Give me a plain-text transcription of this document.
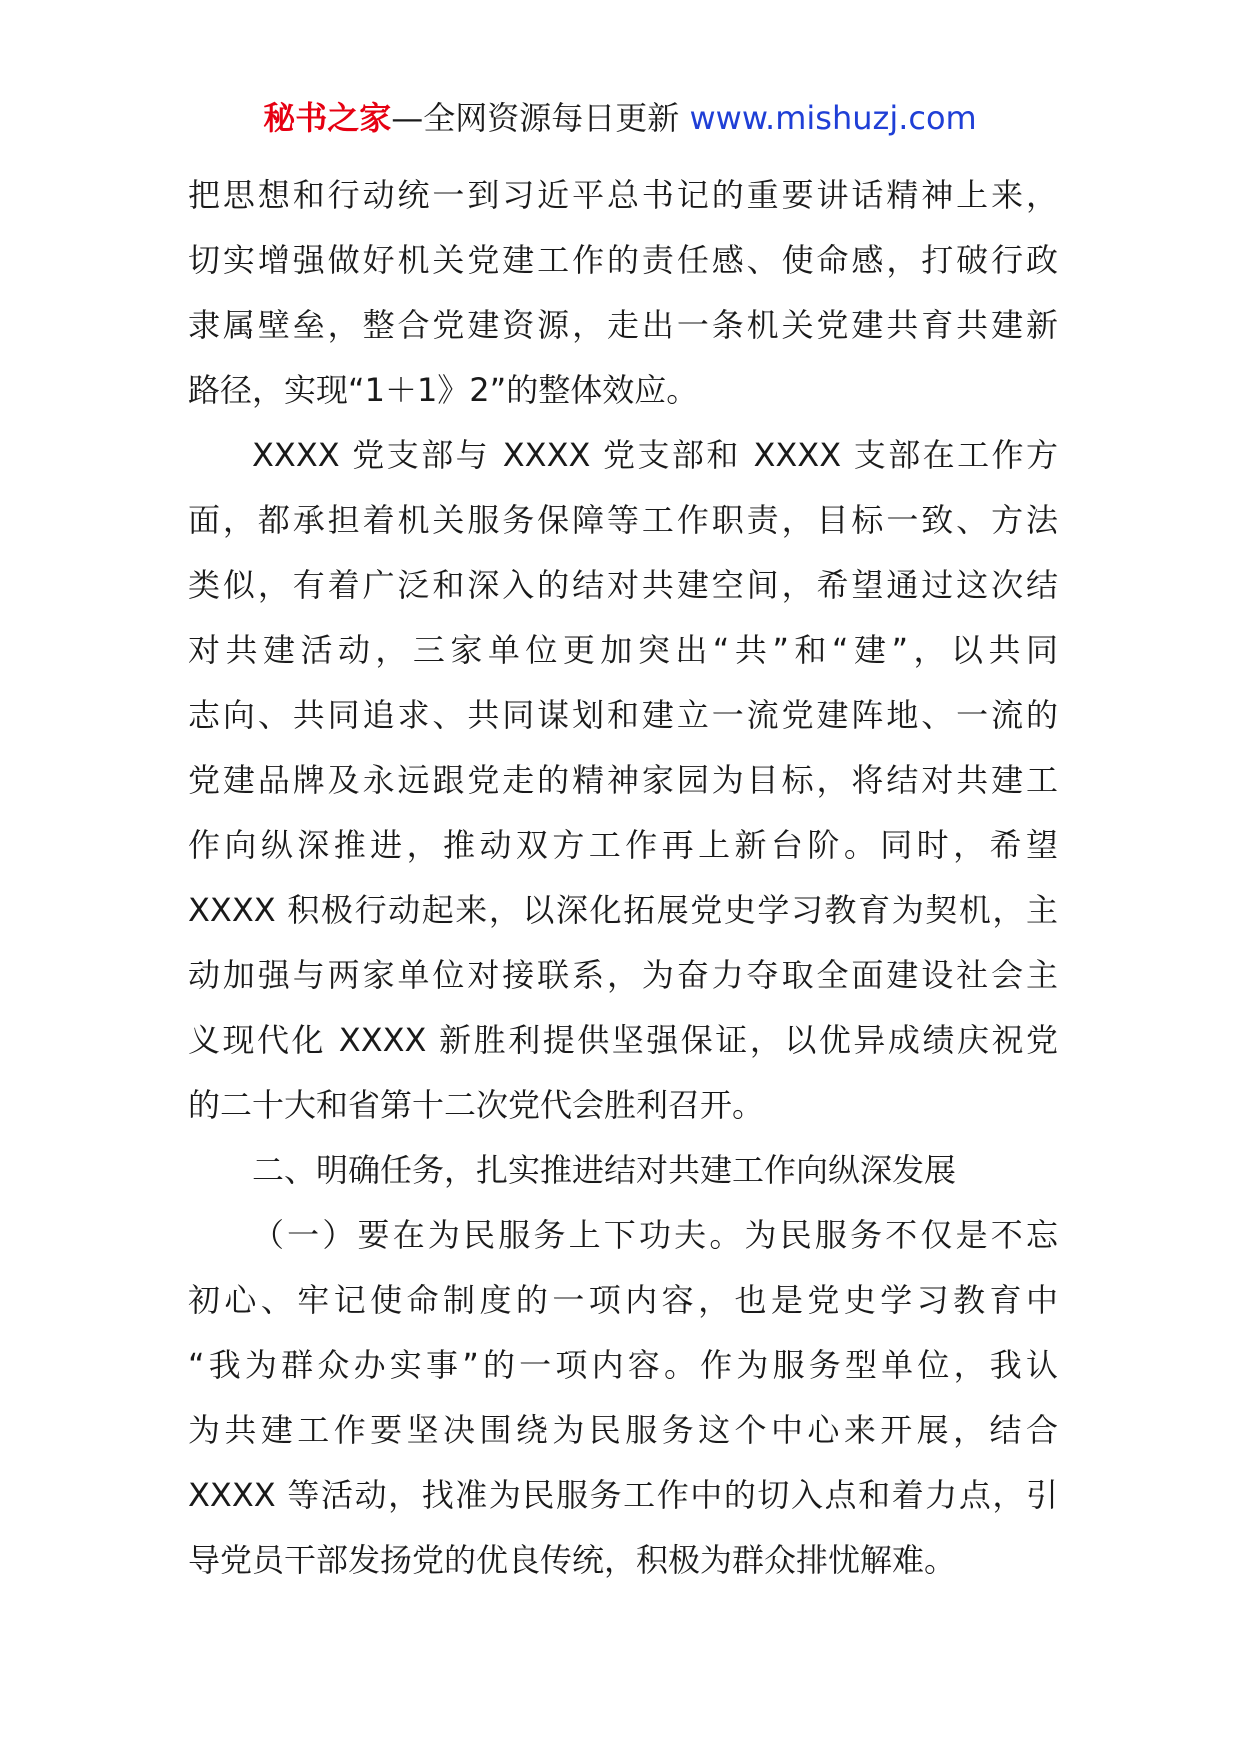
秘书之家—全网资源每日更新 www.mishuzj.com
把思想和行动统一到习近平总书记的重要讲话精神上来，
切实增强做好机关党建工作的责任感、使命感，打破行政
隶属壁垒，整合党建资源，走出一条机关党建共育共建新
路径，实现“1＋1》2”的整体效应。
XXXX 党支部与 XXXX 党支部和 XXXX 支部在工作方
面，都承担着机关服务保障等工作职责，目标一致、方法
类似，有着广泛和深入的结对共建空间，希望通过这次结
对共建活动，三家单位更加突出“共”和“建”，以共同
志向、共同追求、共同谋划和建立一流党建阵地、一流的
党建品牌及永远跟党走的精神家园为目标，将结对共建工
作向纵深推进，推动双方工作再上新台阶。同时，希望
XXXX 积极行动起来，以深化拓展党史学习教育为契机，主
动加强与两家单位对接联系，为奋力夺取全面建设社会主
义现代化 XXXX 新胜利提供坚强保证，以优异成绩庆祝党
的二十大和省第十二次党代会胜利召开。
二、明确任务，扎实推进结对共建工作向纵深发展
（一）要在为民服务上下功夫。为民服务不仅是不忘
初心、牢记使命制度的一项内容，也是党史学习教育中
“我为群众办实事”的一项内容。作为服务型单位，我认
为共建工作要坚决围绕为民服务这个中心来开展，结合
XXXX 等活动，找准为民服务工作中的切入点和着力点，引
导党员干部发扬党的优良传统，积极为群众排忧解难。
